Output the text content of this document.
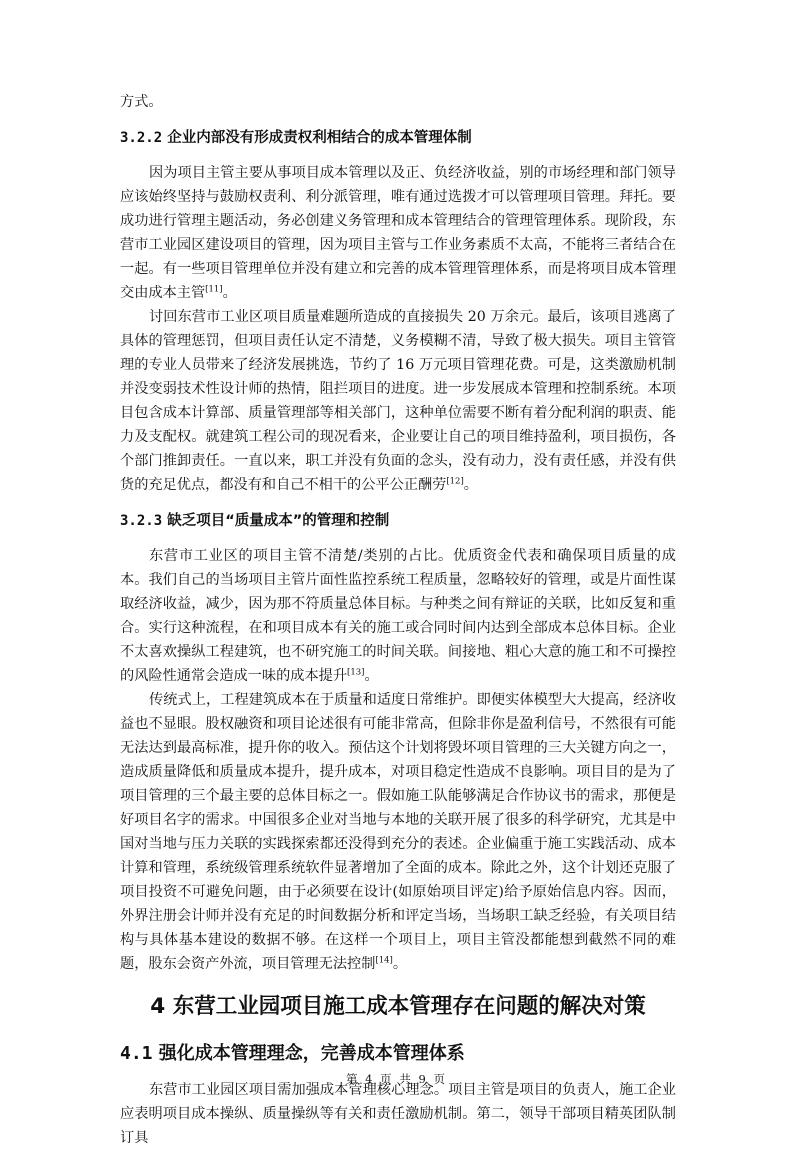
方式。

3.2.2 企业内部没有形成责权利相结合的成本管理体制

因为项目主管主要从事项目成本管理以及正、负经济收益，别的市场经理和部门领导应该始终坚持与鼓励权责利、利分派管理，唯有通过选拨才可以管理项目管理。拜托。要成功进行管理主题活动，务必创建义务管理和成本管理结合的管理管理体系。现阶段，东营市工业园区建设项目的管理，因为项目主管与工作业务素质不太高，不能将三者结合在一起。有一些项目管理单位并没有建立和完善的成本管理管理体系，而是将项目成本管理交由成本主管[11]。

讨回东营市工业区项目质量难题所造成的直接损失 20 万余元。最后，该项目逃离了具体的管理惩罚，但项目责任认定不清楚，义务模糊不清，导致了极大损失。项目主管管理的专业人员带来了经济发展挑选，节约了 16 万元项目管理花费。可是，这类激励机制并没变弱技术性设计师的热情，阻拦项目的进度。进一步发展成本管理和控制系统。本项目包含成本计算部、质量管理部等相关部门，这种单位需要不断有着分配利润的职责、能力及支配权。就建筑工程公司的现况看来，企业要让自己的项目维持盈利，项目损伤，各个部门推卸责任。一直以来，职工并没有负面的念头，没有动力，没有责任感，并没有供货的充足优点，都没有和自己不相干的公平公正酬劳[12]。

3.2.3 缺乏项目“质量成本”的管理和控制

东营市工业区的项目主管不清楚/类别的占比。优质资金代表和确保项目质量的成本。我们自己的当场项目主管片面性监控系统工程质量，忽略较好的管理，或是片面性谋取经济收益，减少，因为那不符质量总体目标。与种类之间有辩证的关联，比如反复和重合。实行这种流程，在和项目成本有关的施工或合同时间内达到全部成本总体目标。企业不太喜欢操纵工程建筑，也不研究施工的时间关联。间接地、粗心大意的施工和不可操控的风险性通常会造成一味的成本提升[13]。

传统式上，工程建筑成本在于质量和适度日常维护。即便实体模型大大提高，经济收益也不显眼。股权融资和项目论述很有可能非常高，但除非你是盈利信号，不然很有可能无法达到最高标准，提升你的收入。预估这个计划将毁坏项目管理的三大关键方向之一，造成质量降低和质量成本提升，提升成本，对项目稳定性造成不良影响。项目目的是为了项目管理的三个最主要的总体目标之一。假如施工队能够满足合作协议书的需求，那便是好项目名字的需求。中国很多企业对当地与本地的关联开展了很多的科学研究，尤其是中国对当地与压力关联的实践探索都还没得到充分的表述。企业偏重于施工实践活动、成本计算和管理，系统级管理系统软件显著增加了全面的成本。除此之外，这个计划还克服了项目投资不可避免问题，由于必须要在设计(如原始项目评定)给予原始信息内容。因而，外界注册会计师并没有充足的时间数据分析和评定当场，当场职工缺乏经验，有关项目结构与具体基本建设的数据不够。在这样一个项目上，项目主管没都能想到截然不同的难题，股东会资产外流，项目管理无法控制[14]。

4 东营工业园项目施工成本管理存在问题的解决对策
4.1 强化成本管理理念，完善成本管理体系

东营市工业园区项目需加强成本管理核心理念。项目主管是项目的负责人，施工企业应表明项目成本操纵、质量操纵等有关和责任激励机制。第二，领导干部项目精英团队制订具

第 4 页 共 9 页
